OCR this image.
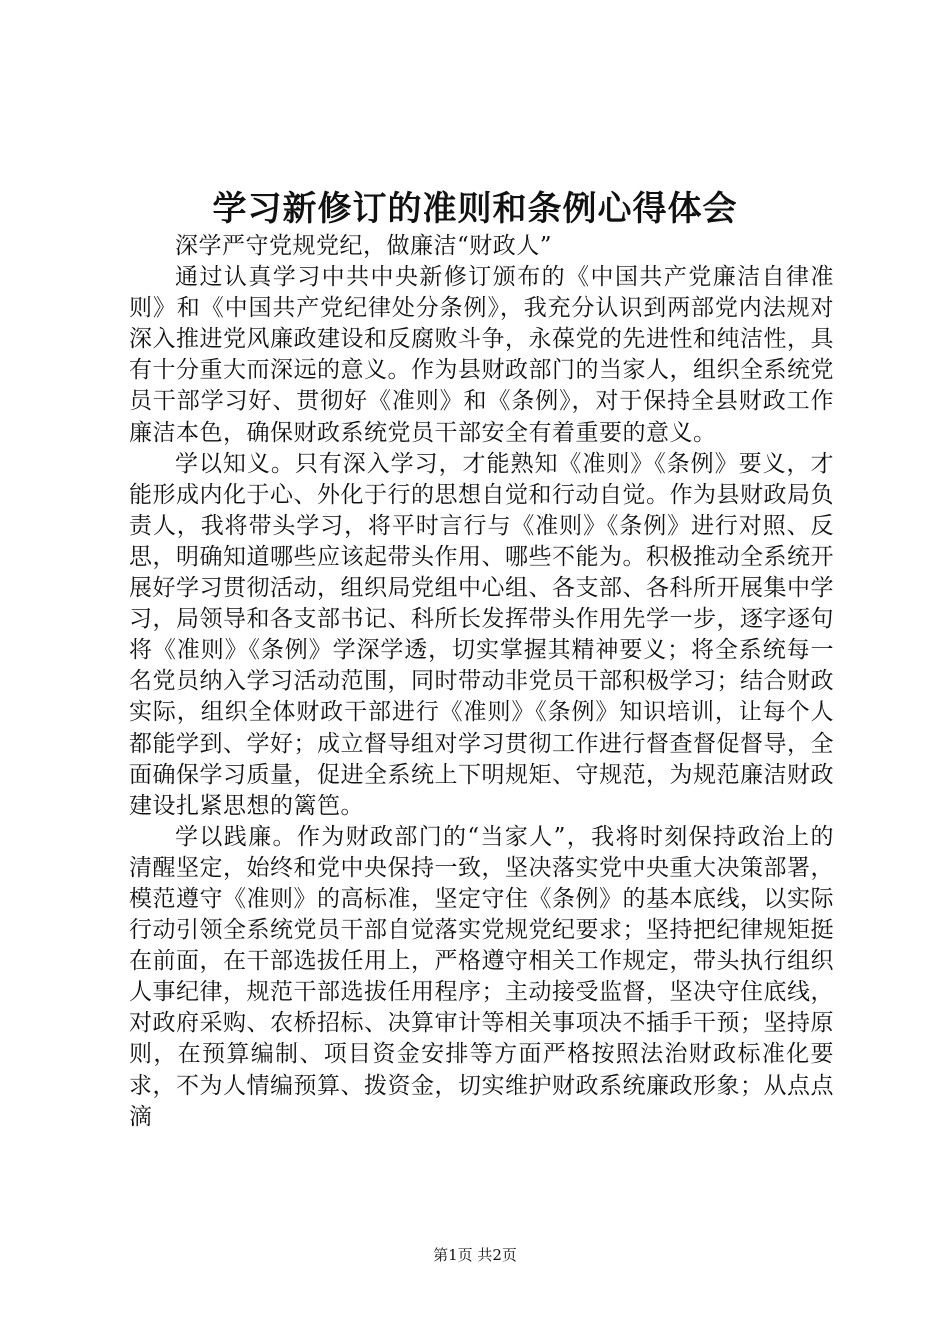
学习新修订的准则和条例心得体会

深学严守党规党纪，做廉洁“财政人”

通过认真学习中共中央新修订颁布的《中国共产党廉洁自律准则》和《中国共产党纪律处分条例》，我充分认识到两部党内法规对深入推进党风廉政建设和反腐败斗争，永葆党的先进性和纯洁性，具有十分重大而深远的意义。作为县财政部门的当家人，组织全系统党员干部学习好、贯彻好《准则》和《条例》，对于保持全县财政工作廉洁本色，确保财政系统党员干部安全有着重要的意义。

学以知义。只有深入学习，才能熟知《准则》《条例》要义，才能形成内化于心、外化于行的思想自觉和行动自觉。作为县财政局负责人，我将带头学习，将平时言行与《准则》《条例》进行对照、反思，明确知道哪些应该起带头作用、哪些不能为。积极推动全系统开展好学习贯彻活动，组织局党组中心组、各支部、各科所开展集中学习，局领导和各支部书记、科所长发挥带头作用先学一步，逐字逐句将《准则》《条例》学深学透，切实掌握其精神要义；将全系统每一名党员纳入学习活动范围，同时带动非党员干部积极学习；结合财政实际，组织全体财政干部进行《准则》《条例》知识培训，让每个人都能学到、学好；成立督导组对学习贯彻工作进行督查督促督导，全面确保学习质量，促进全系统上下明规矩、守规范，为规范廉洁财政建设扎紧思想的篱笆。

学以践廉。作为财政部门的“当家人”，我将时刻保持政治上的清醒坚定，始终和党中央保持一致，坚决落实党中央重大决策部署，模范遵守《准则》的高标准，坚定守住《条例》的基本底线，以实际行动引领全系统党员干部自觉落实党规党纪要求；坚持把纪律规矩挺在前面，在干部选拔任用上，严格遵守相关工作规定，带头执行组织人事纪律，规范干部选拔任用程序；主动接受监督，坚决守住底线，对政府采购、农桥招标、决算审计等相关事项决不插手干预；坚持原则，在预算编制、项目资金安排等方面严格按照法治财政标准化要求，不为人情编预算、拨资金，切实维护财政系统廉政形象；从点点滴

第1页 共2页
